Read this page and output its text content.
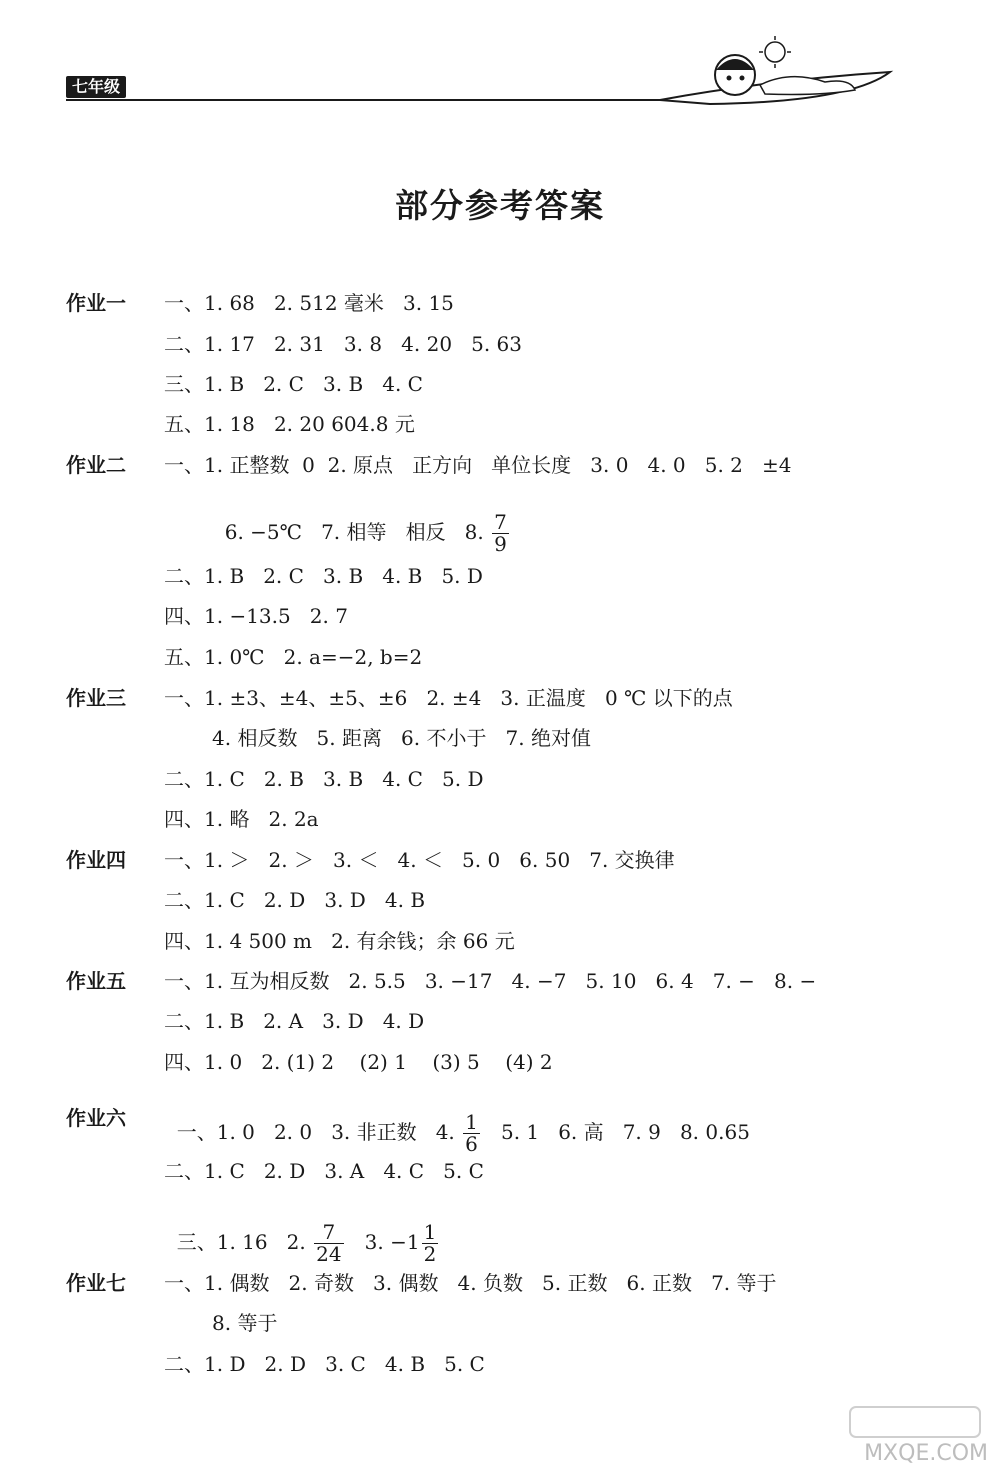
七年级
部分参考答案
作业一 一、1. 68   2. 512 毫米   3. 15
二、1. 17   2. 31   3. 8   4. 20   5. 63
三、1. B   2. C   3. B   4. C
五、1. 18   2. 20 604.8 元
作业二 一、1. 正整数  0  2. 原点   正方向   单位长度   3. 0   4. 0   5. 2   ±4

6. −5℃   7. 相等   相反   8. $\frac{7}{9}$

二、1. B   2. C   3. B   4. B   5. D
四、1. −13.5   2. 7
五、1. 0℃   2. a=−2, b=2
作业三 一、1. ±3、±4、±5、±6   2. ±4   3. 正温度   0 ℃ 以下的点
4. 相反数   5. 距离   6. 不小于   7. 绝对值
二、1. C   2. B   3. B   4. C   5. D
四、1. 略   2. 2a
作业四 一、1. ＞   2. ＞   3. ＜   4. ＜   5. 0   6. 50   7. 交换律
二、1. C   2. D   3. D   4. B
四、1. 4 500 m   2. 有余钱；余 66 元
作业五 一、1. 互为相反数   2. 5.5   3. −17   4. −7   5. 10   6. 4   7. −   8. −
二、1. B   2. A   3. D   4. D
四、1. 0   2. (1) 2    (2) 1    (3) 5    (4) 2
作业六

一、1. 0   2. 0   3. 非正数   4. $\frac{1}{6} 5$. 1   6. 高   7. 9   8. 0.65

二、1. C   2. D   3. A   4. C   5. C

三、1. 16   2. $\frac{7}{24} 3$. $-1 \frac{1}{2}$

作业七 一、1. 偶数   2. 奇数   3. 偶数   4. 负数   5. 正数   6. 正数   7. 等于
8. 等于
二、1. D   2. D   3. C   4. B   5. C
MXQE.COM
